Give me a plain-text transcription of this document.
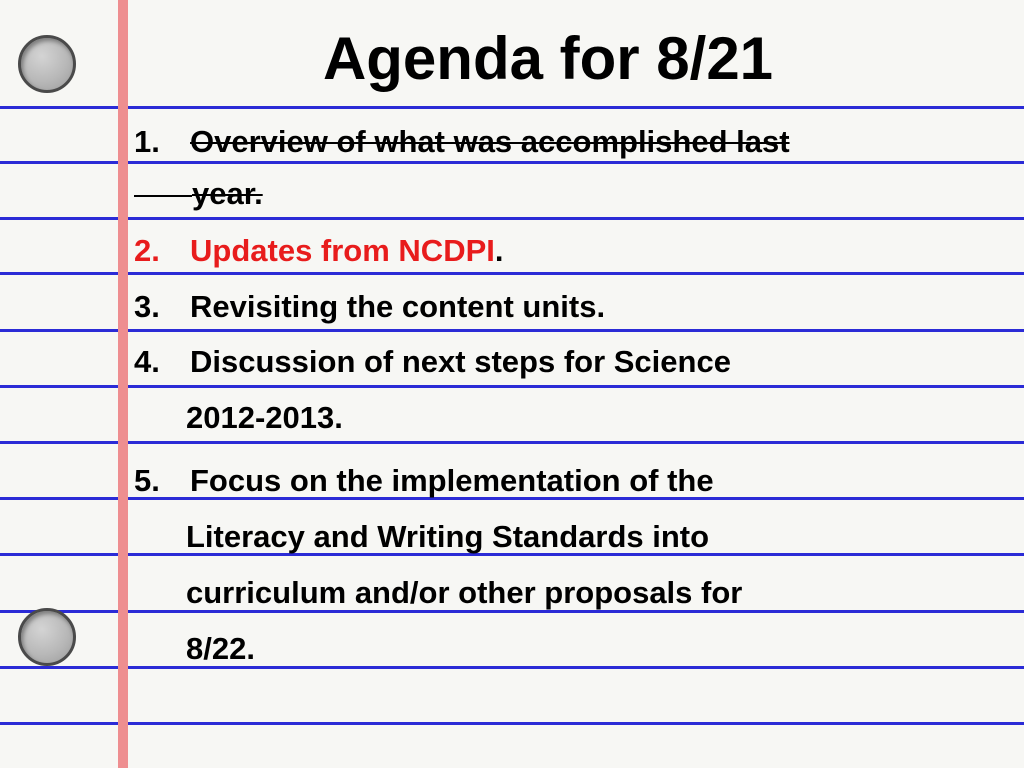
Agenda for 8/21
1. Overview of what was accomplished last
year.
2. Updates from NCDPI.
3. Revisiting the content units.
4. Discussion of next steps for Science
2012-2013.
5. Focus on the implementation of the
Literacy and Writing Standards into
curriculum and/or other proposals for
8/22.
